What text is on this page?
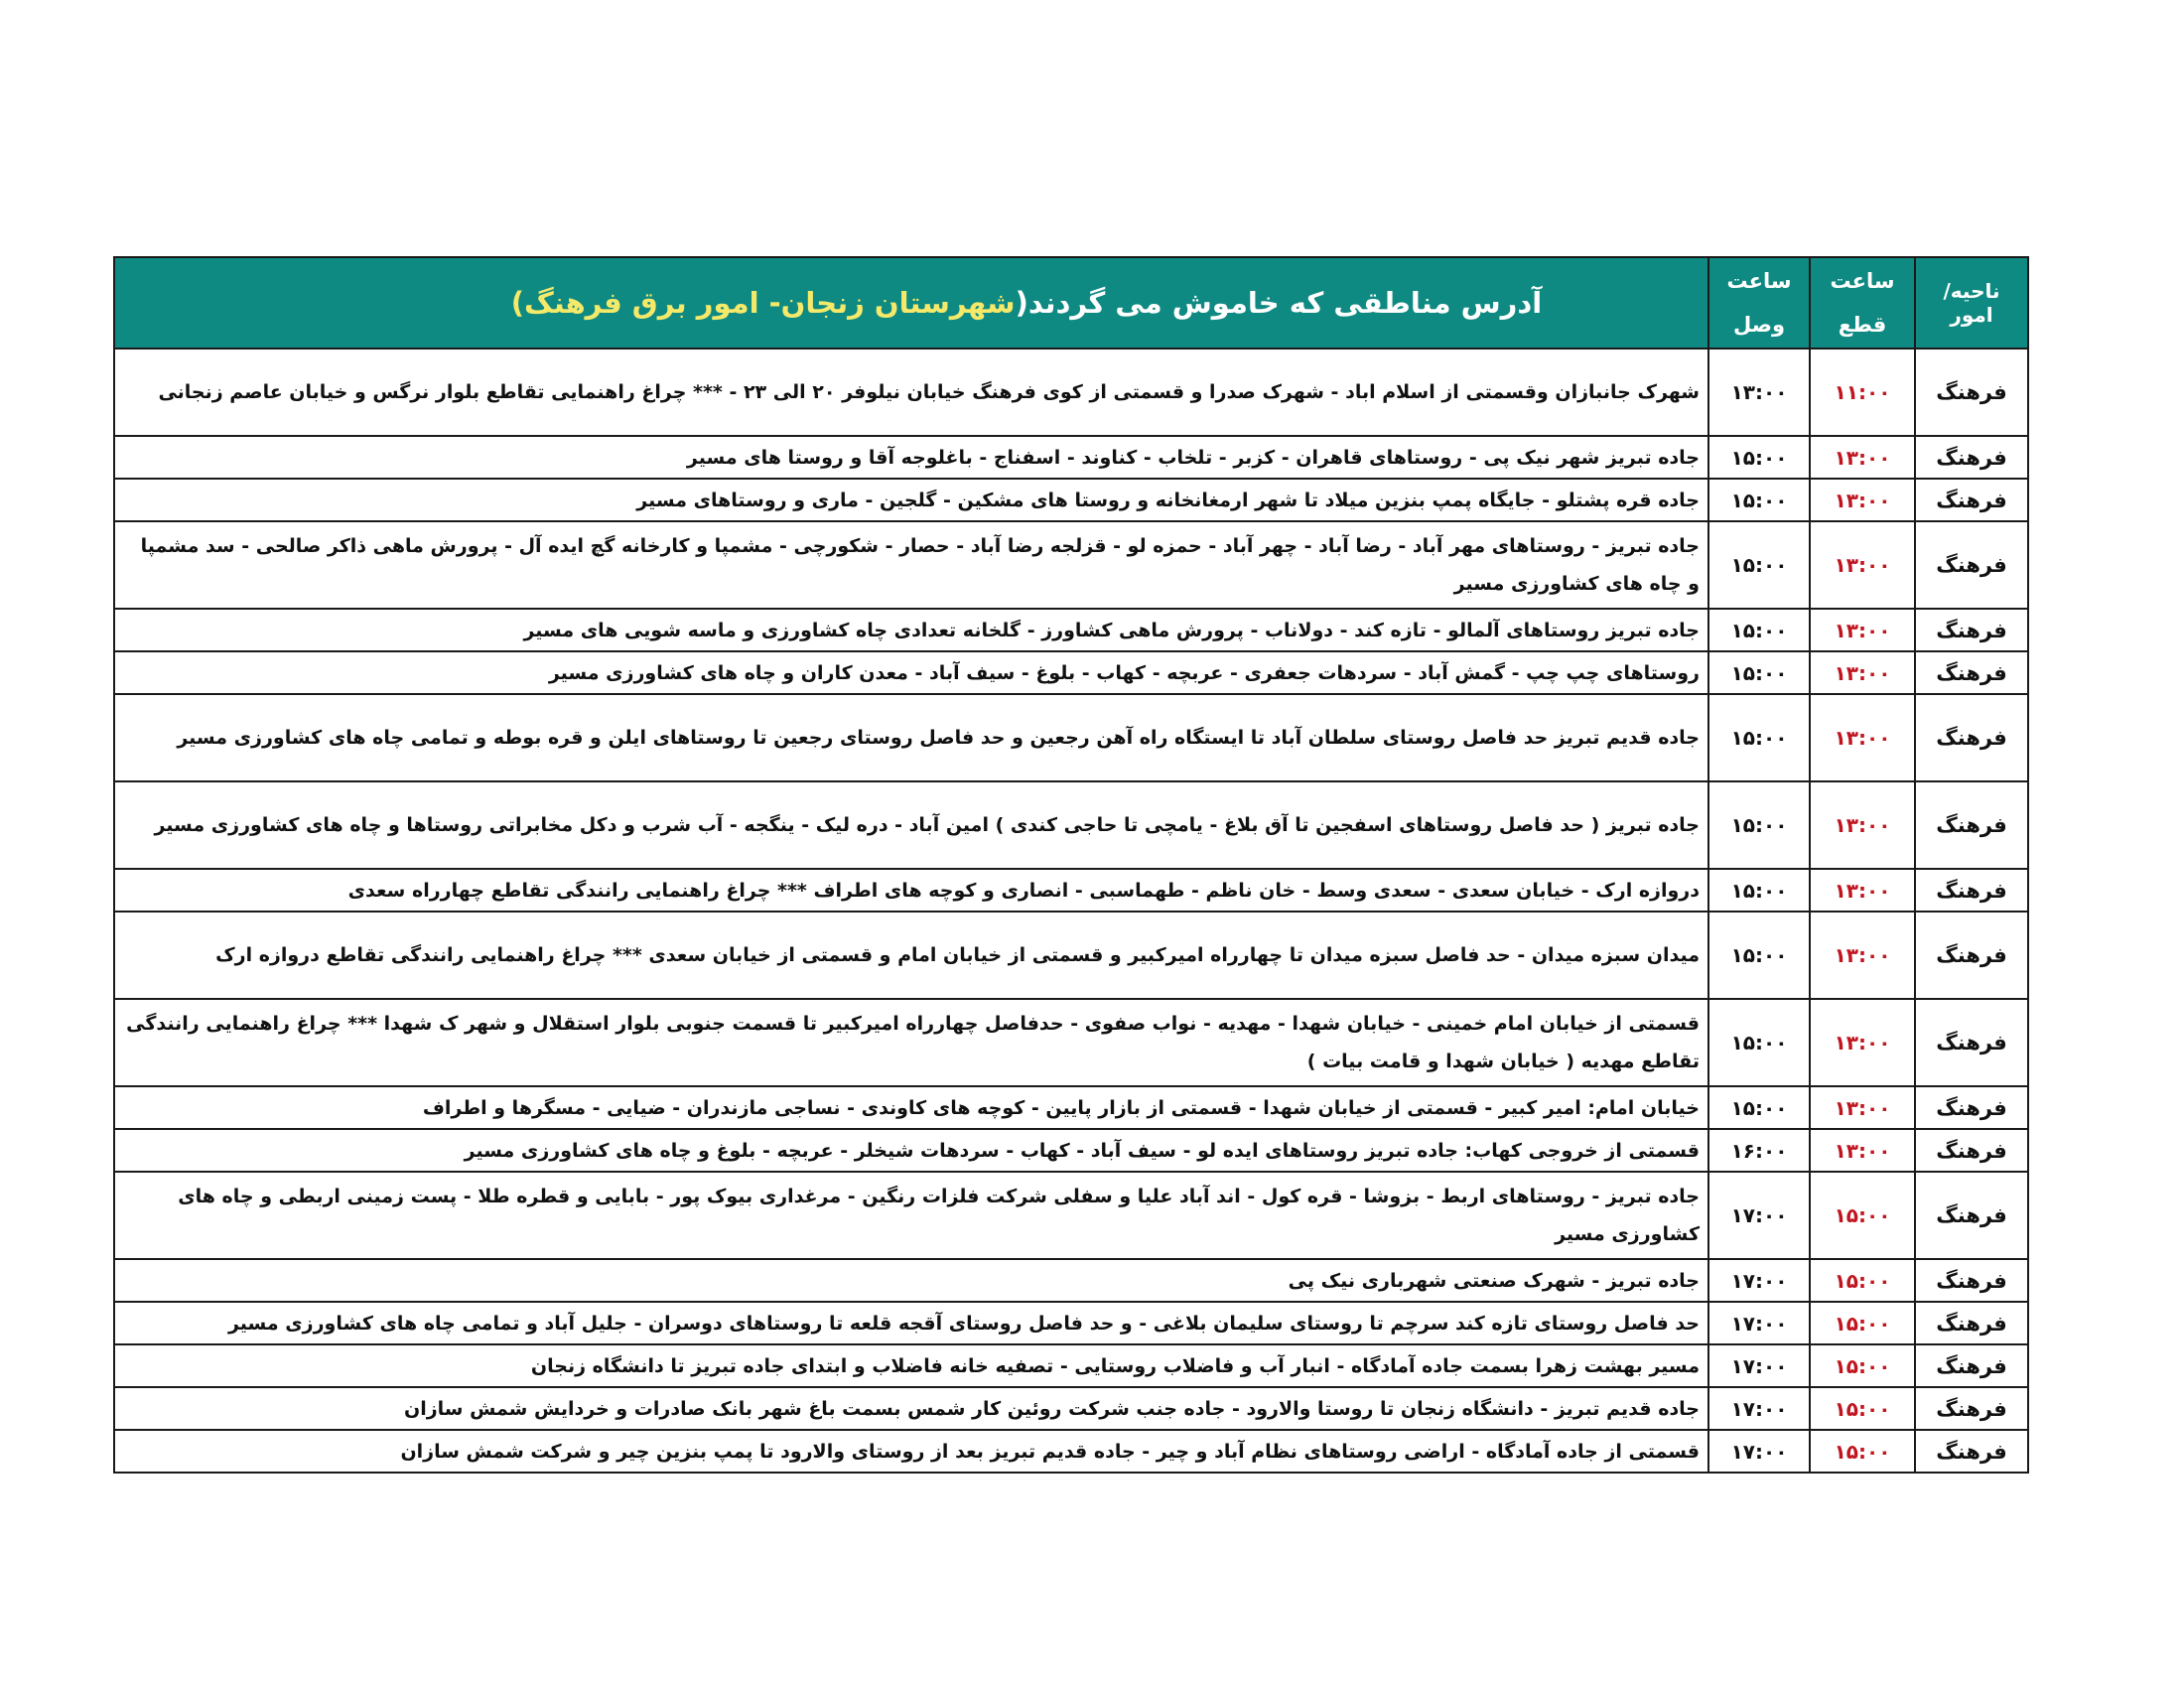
ناحیه/امور	ساعت قطع	ساعت وصل	آدرس مناطقی که خاموش می گردند(شهرستان زنجان- امور برق فرهنگ)
فرهنگ	۱۱:۰۰	۱۳:۰۰	شهرک جانبازان وقسمتی از اسلام اباد - شهرک صدرا و قسمتی از کوی فرهنگ خیابان نیلوفر ۲۰ الی ۲۳ - *** چراغ راهنمایی تقاطع بلوار نرگس و خیابان عاصم زنجانی
فرهنگ	۱۳:۰۰	۱۵:۰۰	جاده تبریز شهر نیک پی - روستاهای قاهران - کزبر - تلخاب - کناوند - اسفناج - باغلوجه آقا و روستا های مسیر
فرهنگ	۱۳:۰۰	۱۵:۰۰	جاده قره پشتلو - جایگاه پمپ بنزین میلاد تا شهر ارمغانخانه و روستا های مشکین - گلجین - ماری و روستاهای مسیر
فرهنگ	۱۳:۰۰	۱۵:۰۰	جاده تبریز - روستاهای مهر آباد - رضا آباد - چهر آباد - حمزه لو - قزلجه رضا آباد - حصار - شکورچی - مشمپا و کارخانه گچ ایده آل - پرورش ماهی ذاکر صالحی - سد مشمپا و چاه های کشاورزی مسیر
فرهنگ	۱۳:۰۰	۱۵:۰۰	جاده تبریز روستاهای آلمالو - تازه کند - دولاناب - پرورش ماهی کشاورز - گلخانه تعدادی چاه کشاورزی و ماسه شویی های مسیر
فرهنگ	۱۳:۰۰	۱۵:۰۰	روستاهای چپ چپ - گمش آباد - سردهات جعفری - عربچه - کهاب - بلوغ - سیف آباد - معدن کاران و چاه های کشاورزی مسیر
فرهنگ	۱۳:۰۰	۱۵:۰۰	جاده قدیم تبریز حد فاصل روستای سلطان آباد تا ایستگاه راه آهن رجعین و حد فاصل روستای رجعین تا روستاهای ایلن و قره بوطه و تمامی چاه های کشاورزی مسیر
فرهنگ	۱۳:۰۰	۱۵:۰۰	جاده تبریز ( حد فاصل روستاهای اسفجین تا آق بلاغ - یامچی تا حاجی کندی ) امین آباد - دره لیک - ینگجه - آب شرب و دکل مخابراتی روستاها و چاه های کشاورزی مسیر
فرهنگ	۱۳:۰۰	۱۵:۰۰	دروازه ارک - خیابان سعدی - سعدی وسط - خان ناظم - طهماسبی - انصاری و کوچه های اطراف *** چراغ راهنمایی رانندگی تقاطع چهارراه سعدی
فرهنگ	۱۳:۰۰	۱۵:۰۰	میدان سبزه میدان - حد فاصل سبزه میدان تا چهارراه امیرکبیر و قسمتی از خیابان امام و قسمتی از خیابان سعدی *** چراغ راهنمایی رانندگی تقاطع دروازه ارک
فرهنگ	۱۳:۰۰	۱۵:۰۰	قسمتی از خیابان امام خمینی - خیابان شهدا - مهدیه - نواب صفوی - حدفاصل چهارراه امیرکبیر تا قسمت جنوبی بلوار استقلال و شهر ک شهدا *** چراغ راهنمایی رانندگی تقاطع مهدیه ( خیابان شهدا و قامت بیات )
فرهنگ	۱۳:۰۰	۱۵:۰۰	خیابان امام: امیر کبیر - قسمتی از خیابان شهدا - قسمتی از بازار پایین - کوچه های کاوندی - نساجی مازندران - ضیایی - مسگرها و اطراف
فرهنگ	۱۳:۰۰	۱۶:۰۰	قسمتی از خروجی کهاب: جاده تبریز روستاهای ایده لو - سیف آباد - کهاب - سردهات شیخلر - عربچه - بلوغ و چاه های کشاورزی مسیر
فرهنگ	۱۵:۰۰	۱۷:۰۰	جاده تبریز - روستاهای اربط - بزوشا - قره کول - اند آباد علیا و سفلی شرکت فلزات رنگین - مرغداری بیوک پور - بابایی و قطره طلا - پست زمینی اربطی و چاه های کشاورزی مسیر
فرهنگ	۱۵:۰۰	۱۷:۰۰	جاده تبریز - شهرک صنعتی شهرباری نیک پی
فرهنگ	۱۵:۰۰	۱۷:۰۰	حد فاصل روستای تازه کند سرچم تا روستای سلیمان بلاغی - و حد فاصل روستای آقجه قلعه تا روستاهای دوسران - جلیل آباد و تمامی چاه های کشاورزی مسیر
فرهنگ	۱۵:۰۰	۱۷:۰۰	مسیر بهشت زهرا بسمت جاده آمادگاه - انبار آب و فاضلاب روستایی - تصفیه خانه فاضلاب و ابتدای جاده تبریز تا دانشگاه زنجان
فرهنگ	۱۵:۰۰	۱۷:۰۰	جاده قدیم تبریز - دانشگاه زنجان تا روستا والارود - جاده جنب شرکت روئین کار شمس بسمت باغ شهر بانک صادرات و خردایش شمش سازان
فرهنگ	۱۵:۰۰	۱۷:۰۰	قسمتی از جاده آمادگاه - اراضی روستاهای نظام آباد و چیر - جاده قدیم تبریز بعد از روستای والارود تا پمپ بنزین چیر و شرکت شمش سازان
